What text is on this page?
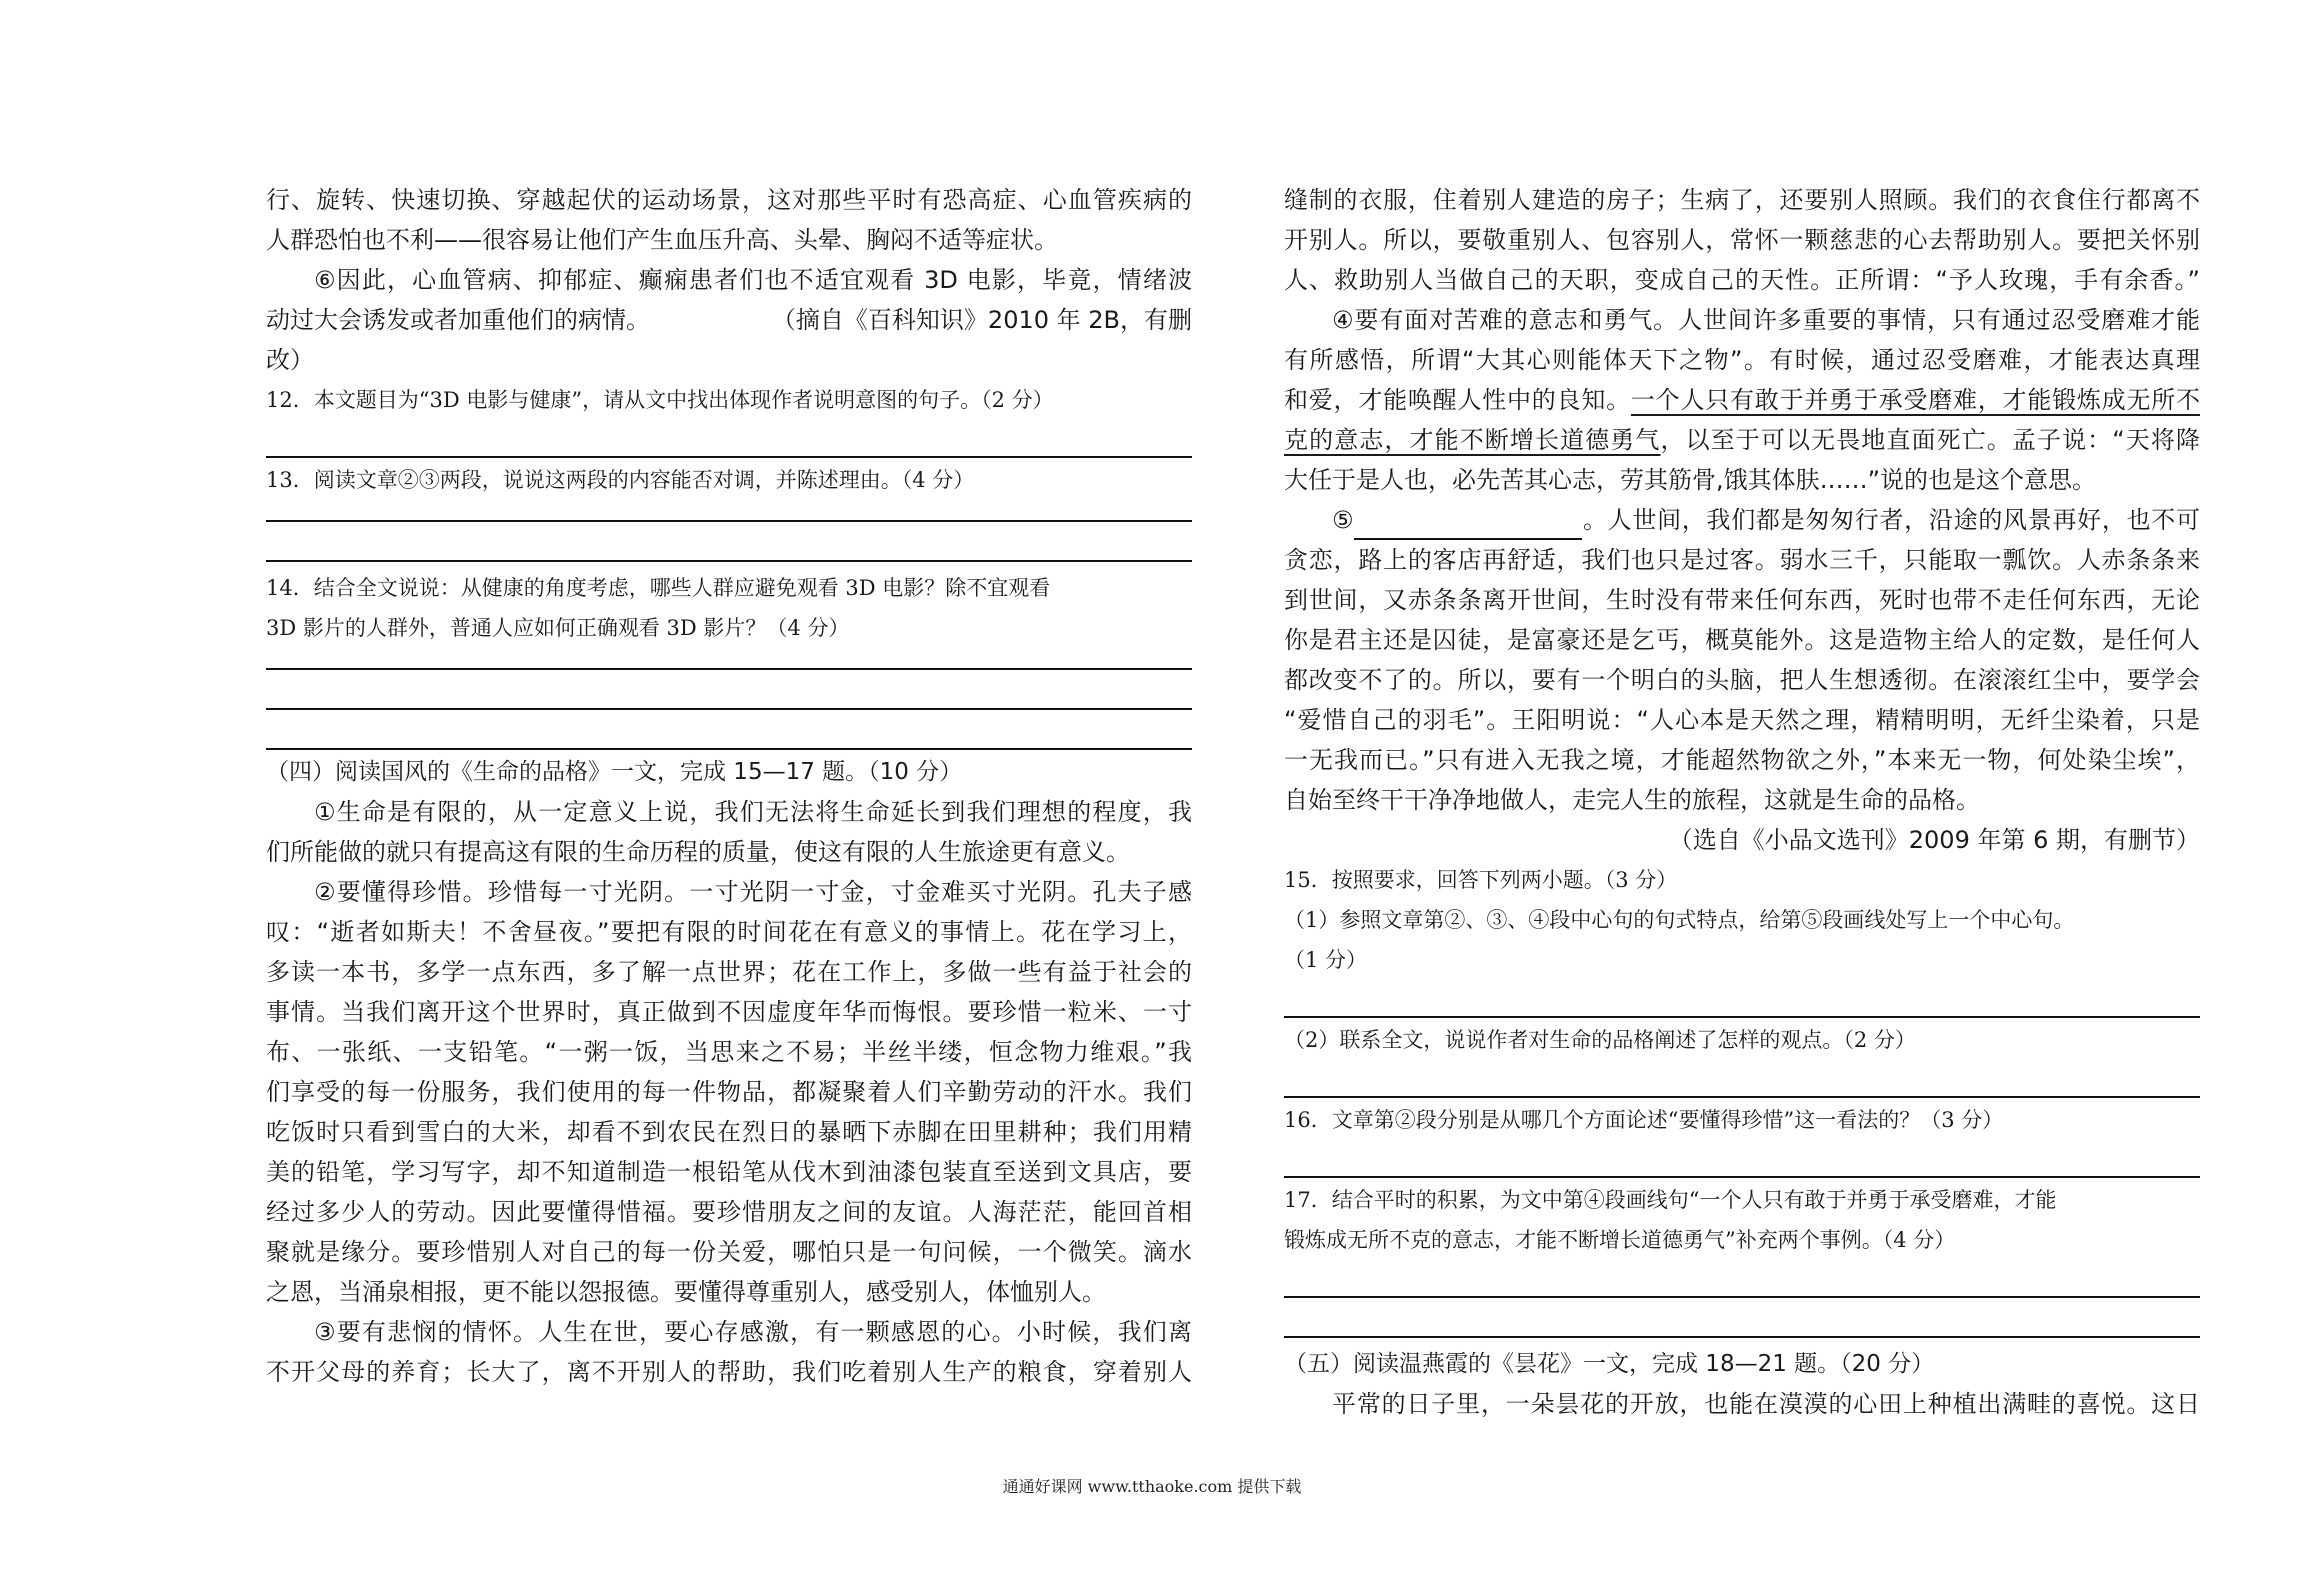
行、旋转、快速切换、穿越起伏的运动场景，这对那些平时有恐高症、心血管疾病的

人群恐怕也不利——很容易让他们产生血压升高、头晕、胸闷不适等症状。

⑥因此，心血管病、抑郁症、癫痫患者们也不适宜观看 3D 电影，毕竟，情绪波

动过大会诱发或者加重他们的病情。	（摘自《百科知识》2010 年 2B，有删

改）

12．本文题目为“3D 电影与健康”，请从文中找出体现作者说明意图的句子。（2 分）

13．阅读文章②③两段，说说这两段的内容能否对调，并陈述理由。（4 分）

14．结合全文说说：从健康的角度考虑，哪些人群应避免观看 3D 电影？除不宜观看

3D 影片的人群外，普通人应如何正确观看 3D 影片？（4 分）

（四）阅读国风的《生命的品格》一文，完成 15—17 题。（10 分）

①生命是有限的，从一定意义上说，我们无法将生命延长到我们理想的程度，我

们所能做的就只有提高这有限的生命历程的质量，使这有限的人生旅途更有意义。

②要懂得珍惜。珍惜每一寸光阴。一寸光阴一寸金，寸金难买寸光阴。孔夫子感

叹：“逝者如斯夫！不舍昼夜。”要把有限的时间花在有意义的事情上。花在学习上，

多读一本书，多学一点东西，多了解一点世界；花在工作上，多做一些有益于社会的

事情。当我们离开这个世界时，真正做到不因虚度年华而悔恨。要珍惜一粒米、一寸

布、一张纸、一支铅笔。“一粥一饭，当思来之不易；半丝半缕，恒念物力维艰。”我

们享受的每一份服务，我们使用的每一件物品，都凝聚着人们辛勤劳动的汗水。我们

吃饭时只看到雪白的大米，却看不到农民在烈日的暴晒下赤脚在田里耕种；我们用精

美的铅笔，学习写字，却不知道制造一根铅笔从伐木到油漆包装直至送到文具店，要

经过多少人的劳动。因此要懂得惜福。要珍惜朋友之间的友谊。人海茫茫，能回首相

聚就是缘分。要珍惜别人对自己的每一份关爱，哪怕只是一句问候，一个微笑。滴水

之恩，当涌泉相报，更不能以怨报德。要懂得尊重别人，感受别人，体恤别人。

③要有悲悯的情怀。人生在世，要心存感激，有一颗感恩的心。小时候，我们离

不开父母的养育；长大了，离不开别人的帮助，我们吃着别人生产的粮食，穿着别人

缝制的衣服，住着别人建造的房子；生病了，还要别人照顾。我们的衣食住行都离不

开别人。所以，要敬重别人、包容别人，常怀一颗慈悲的心去帮助别人。要把关怀别

人、救助别人当做自己的天职，变成自己的天性。正所谓：“予人玫瑰，手有余香。”

④要有面对苦难的意志和勇气。人世间许多重要的事情，只有通过忍受磨难才能

有所感悟，所谓“大其心则能体天下之物”。有时候，通过忍受磨难，才能表达真理

和爱，才能唤醒人性中的良知。一个人只有敢于并勇于承受磨难，才能锻炼成无所不

克的意志，才能不断增长道德勇气，以至于可以无畏地直面死亡。孟子说：“天将降

大任于是人也，必先苦其心志，劳其筋骨,饿其体肤……”说的也是这个意思。

⑤	。人世间，我们都是匆匆行者，沿途的风景再好，也不可

贪恋，路上的客店再舒适，我们也只是过客。弱水三千，只能取一瓢饮。人赤条条来

到世间，又赤条条离开世间，生时没有带来任何东西，死时也带不走任何东西，无论

你是君主还是囚徒，是富豪还是乞丐，概莫能外。这是造物主给人的定数，是任何人

都改变不了的。所以，要有一个明白的头脑，把人生想透彻。在滚滚红尘中，要学会

“爱惜自己的羽毛”。王阳明说：“人心本是天然之理，精精明明，无纤尘染着，只是

一无我而已。”只有进入无我之境，才能超然物欲之外，”本来无一物，何处染尘埃”，

自始至终干干净净地做人，走完人生的旅程，这就是生命的品格。

（选自《小品文选刊》2009 年第 6 期，有删节）

15．按照要求，回答下列两小题。（3 分）

（1）参照文章第②、③、④段中心句的句式特点，给第⑤段画线处写上一个中心句。

（1 分）

（2）联系全文，说说作者对生命的品格阐述了怎样的观点。（2 分）

16．文章第②段分别是从哪几个方面论述“要懂得珍惜”这一看法的？（3 分）

17．结合平时的积累，为文中第④段画线句“一个人只有敢于并勇于承受磨难，才能

锻炼成无所不克的意志，才能不断增长道德勇气”补充两个事例。（4 分）

（五）阅读温燕霞的《昙花》一文，完成 18—21 题。（20 分）

平常的日子里，一朵昙花的开放，也能在漠漠的心田上种植出满畦的喜悦。这日

通通好课网 www.tthaoke.com 提供下载
